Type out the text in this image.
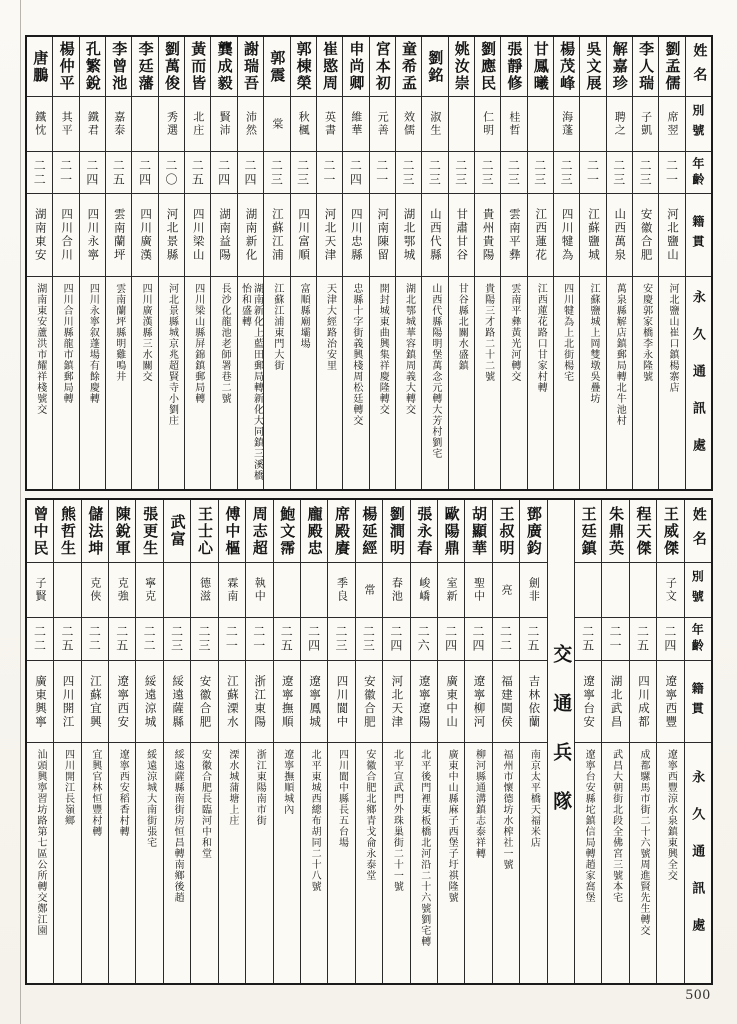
姓名
別號
年齡
籍貫
永久通訊處
劉孟儒
席翌
二一
河北鹽山
河北鹽山崔口鎮楊寨店
李人瑞
子凱
二三
安徽合肥
安慶郭家橋李永隆號
解嘉珍
聘之
二三
山西萬泉
萬泉縣解店鎮郵局轉北牛池村
吳文展
二一
江蘇鹽城
江蘇鹽城上岡雙墩吳疊坊
楊茂峰
海蓬
二三
四川犍為
四川犍為上北街楊宅
甘鳳曦
二三
江西蓮花
江西蓮花路口甘家村轉
張靜修
桂哲
二三
雲南平彝
雲南平彝黃光河轉交
劉應民
仁明
二三
貴州貴陽
貴陽三才路二十二號
姚汝崇
二三
甘肅甘谷
甘谷縣北關水盛鎮
劉銘
淑生
二三
山西代縣
山西代縣陽明堡萬念元轉大芳村劉宅
童希孟
效儒
二三
湖北鄂城
湖北鄂城華容鎮周義大轉交
宮本初
元善
二一
河南陳留
開封城東曲興集祥慶隆轉交
申尚卿
維華
二四
四川忠縣
忠縣十字街義興棧周松廷轉交
崔愍周
英書
二一
河北天津
天津大經路治安里
郭棟榮
秋楓
二三
四川富順
富順縣廟壩場
郭震
棠
二三
江蘇江浦
江蘇江浦東門大街
謝瑞吾
沛然
二四
湖南新化
湖南新化上藍田郵局轉新化大同鎮三溪橋怡和盛轉
龔成毅
賢沛
二四
湖南益陽
長沙化龍池老師署巷二號
黃而皆
北庄
二五
四川梁山
四川梁山縣屏錦鎮郵局轉
劉萬俊
秀選
二〇
河北景縣
河北景縣城京兆超賢寺小劉庄
李廷藩
二四
四川廣漢
四川廣漢縣三水關交
李曾池
嘉泰
二五
雲南蘭坪
雲南蘭坪縣明雞鳴井
孔繁銳
鐵君
二四
四川永寧
四川永寧叙蓬場有餘慶轉
楊仲平
其平
二一
四川合川
四川合川縣龍市鎮郵局轉
唐鵬
鐵忱
二二
湖南東安
湖南東安蘆洪市耀祥棧號交
姓名
別號
年齡
籍貫
永久通訊處
王威傑
子文
二四
遼寧西豐
遼寧西豐涼水泉鎮東興全交
程天傑
二五
四川成都
成都騾馬市街二十六號周進賢先生轉交
朱鼎英
二一
湖北武昌
武昌大朝街北段全佛宮三號本宅
王廷鎮
二五
遼寧台安
遼寧台安縣坨鎮信局轉趙家窩堡
交通兵隊
鄧廣鈞
劍非
二五
吉林依蘭
南京太平橋天福米店
王叔明
亮
二二
福建閩侯
福州市懷德坊水榨社一號
胡顯華
聖中
二四
遼寧柳河
柳河縣通溝鎮志泰祥轉
歐陽鼎
室新
二四
廣東中山
廣東中山縣麻子西堡子圩祺隆號
張永春
峻嶠
二六
遼寧遼陽
北平後門裡東板橋北河沿二十六號劉宅轉
劉澗明
春池
二四
河北天津
北平宣武門外珠巢街二十一號
楊延經
常
二三
安徽合肥
安徽合肥北鄉青戈侖永泰堂
席殿賡
季良
二三
四川閬中
四川閬中縣長五台場
龐殿忠
二四
遼寧鳳城
北平東城西總布胡同二十八號
鮑文霈
二五
遼寧撫順
遼寧撫順城內
周志超
執中
二一
浙江東陽
浙江東陽南市街
傅中樞
霖南
二一
江蘇溧水
溧水城蒲塘上庄
王士心
德滋
二三
安徽合肥
安徽合肥長臨河中和堂
武富
二三
綏遠薩縣
綏遠薩縣南街房恒昌轉南鄉後趙
張更生
寧克
二二
綏遠涼城
綏遠涼城大南街張宅
陳銳軍
克強
二五
遼寧西安
遼寧西安稻香村轉
儲法坤
克俠
二二
江蘇宜興
宜興官林恒豐村轉
熊哲生
二五
四川開江
四川開江長嶺鄉
曾中民
子賢
二二
廣東興寧
汕頭興寧習坊路第七區公所轉交鄭江園
500
